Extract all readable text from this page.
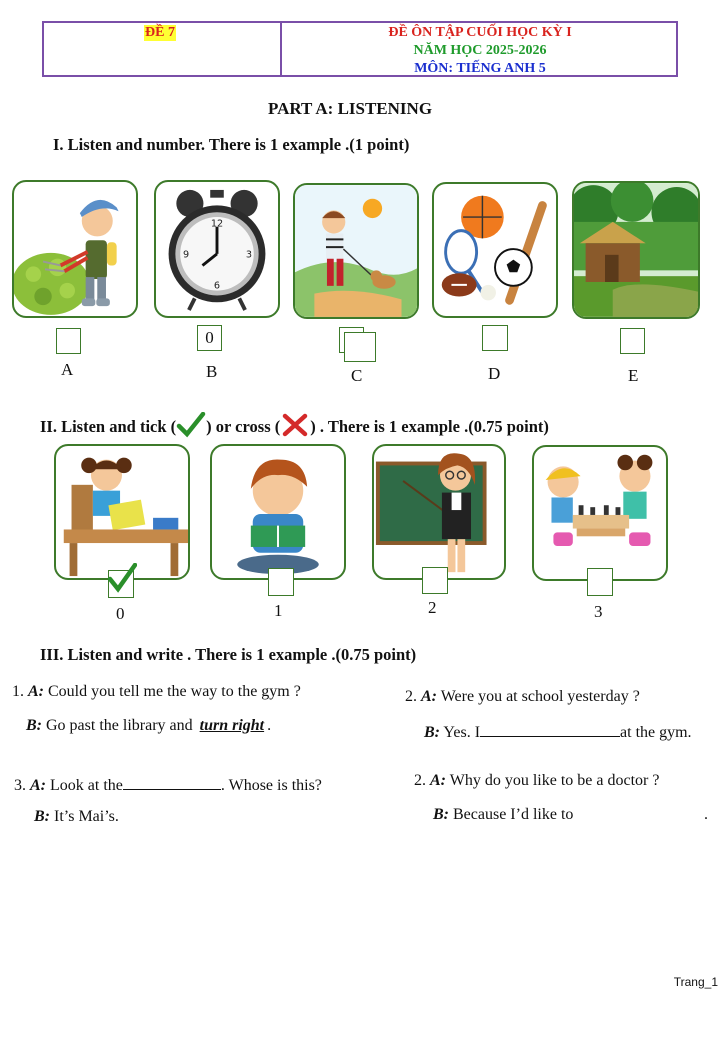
ĐỀ 7	ĐỀ ÔN TẬP CUỐI HỌC KỲ I
NĂM HỌC 2025-2026
MÔN: TIẾNG ANH 5
PART A: LISTENING
I. Listen and number. There is 1 example .(1 point)
12
6
9	3
0
A	B	C	D	E
II. Listen and tick ( ) or cross ( ) . There is 1 example .(0.75 point)
0	1	2	3
III. Listen and write . There is 1 example .(0.75 point)
1. A: Could you tell me the way to the gym ?
B: Go past the library and turn right .
2. A: Were you at school yesterday ?
B: Yes. I	at the gym.
3. A: Look at the	. Whose is this?
B: It’s Mai’s.
2. A: Why do you like to be a doctor ?
B: Because I’d like to	.
Trang_1
